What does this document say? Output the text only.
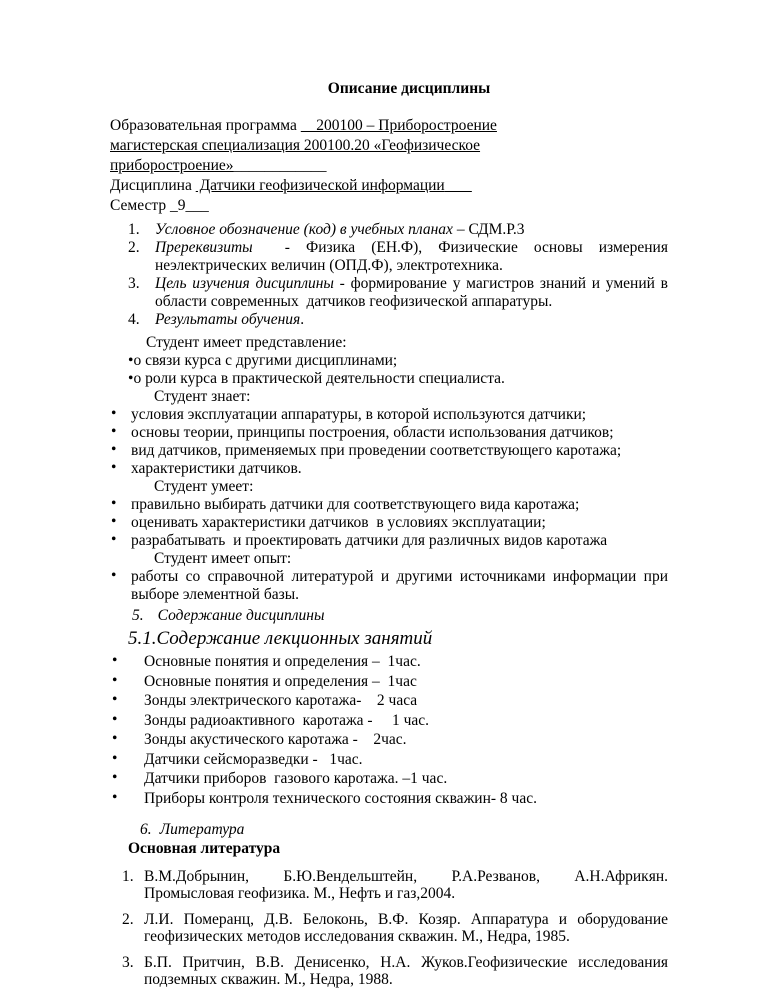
Описание дисциплины
Образовательная программа     200100 – Приборостроение
магистерская специализация 200100.20 «Геофизическое
приборостроение»____________
Дисциплина  Датчики геофизической информации
Семестр _9___
1. Условное обозначение (код) в учебных планах – СДМ.Р.3
2. Пререквизиты  - Физика (ЕН.Ф), Физические основы измерения неэлектрических величин (ОПД.Ф), электротехника.
3. Цель изучения дисциплины - формирование у магистров знаний и умений в области современных  датчиков геофизической аппаратуры.
4. Результаты обучения.
Студент имеет представление:
•о связи курса с другими дисциплинами;
•о роли курса в практической деятельности специалиста.
Студент знает:
• условия эксплуатации аппаратуры, в которой используются датчики;
• основы теории, принципы построения, области использования датчиков;
• вид датчиков, применяемых при проведении соответствующего каротажа;
• характеристики датчиков.
Студент умеет:
• правильно выбирать датчики для соответствующего вида каротажа;
• оценивать характеристики датчиков  в условиях эксплуатации;
• разрабатывать  и проектировать датчики для различных видов каротажа
Студент имеет опыт:
• работы со справочной литературой и другими источниками информации при выборе элементной базы.
5. Содержание дисциплины
5.1.Содержание лекционных занятий
• Основные понятия и определения –  1час.
• Основные понятия и определения –  1час
• Зонды электрического каротажа-    2 часа
• Зонды радиоактивного  каротажа -     1 час.
• Зонды акустического каротажа -    2час.
• Датчики сейсморазведки -   1час.
• Датчики приборов  газового каротажа. –1 час.
• Приборы контроля технического состояния скважин- 8 час.
6. Литература
Основная литература
1. В.М.Добрынин, Б.Ю.Вендельштейн, Р.А.Резванов, А.Н.Африкян. Промысловая геофизика. М., Нефть и газ,2004.
2. Л.И. Померанц, Д.В. Белоконь, В.Ф. Козяр. Аппаратура и оборудование геофизических методов исследования скважин. М., Недра, 1985.
3. Б.П. Притчин, В.В. Денисенко, Н.А. Жуков.Геофизические исследования подземных скважин. М., Недра, 1988.
